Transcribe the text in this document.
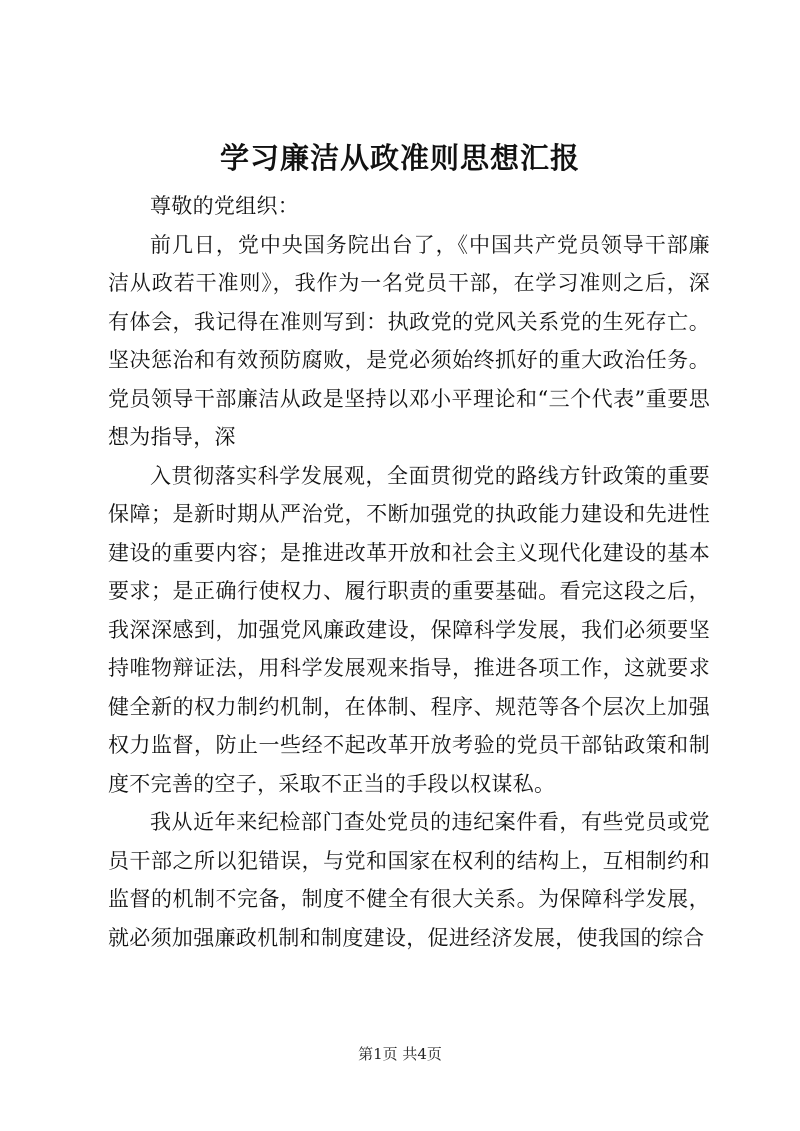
学习廉洁从政准则思想汇报

尊敬的党组织：

前几日，党中央国务院出台了，《中国共产党员领导干部廉洁从政若干准则》，我作为一名党员干部，在学习准则之后，深有体会，我记得在准则写到：执政党的党风关系党的生死存亡。坚决惩治和有效预防腐败，是党必须始终抓好的重大政治任务。党员领导干部廉洁从政是坚持以邓小平理论和“三个代表”重要思想为指导，深

入贯彻落实科学发展观，全面贯彻党的路线方针政策的重要保障；是新时期从严治党，不断加强党的执政能力建设和先进性建设的重要内容；是推进改革开放和社会主义现代化建设的基本要求；是正确行使权力、履行职责的重要基础。看完这段之后，我深深感到，加强党风廉政建设，保障科学发展，我们必须要坚持唯物辩证法，用科学发展观来指导，推进各项工作，这就要求健全新的权力制约机制，在体制、程序、规范等各个层次上加强权力监督，防止一些经不起改革开放考验的党员干部钻政策和制度不完善的空子，采取不正当的手段以权谋私。

我从近年来纪检部门查处党员的违纪案件看，有些党员或党员干部之所以犯错误，与党和国家在权利的结构上，互相制约和监督的机制不完备，制度不健全有很大关系。为保障科学发展，就必须加强廉政机制和制度建设，促进经济发展，使我国的综合

第1页 共4页
